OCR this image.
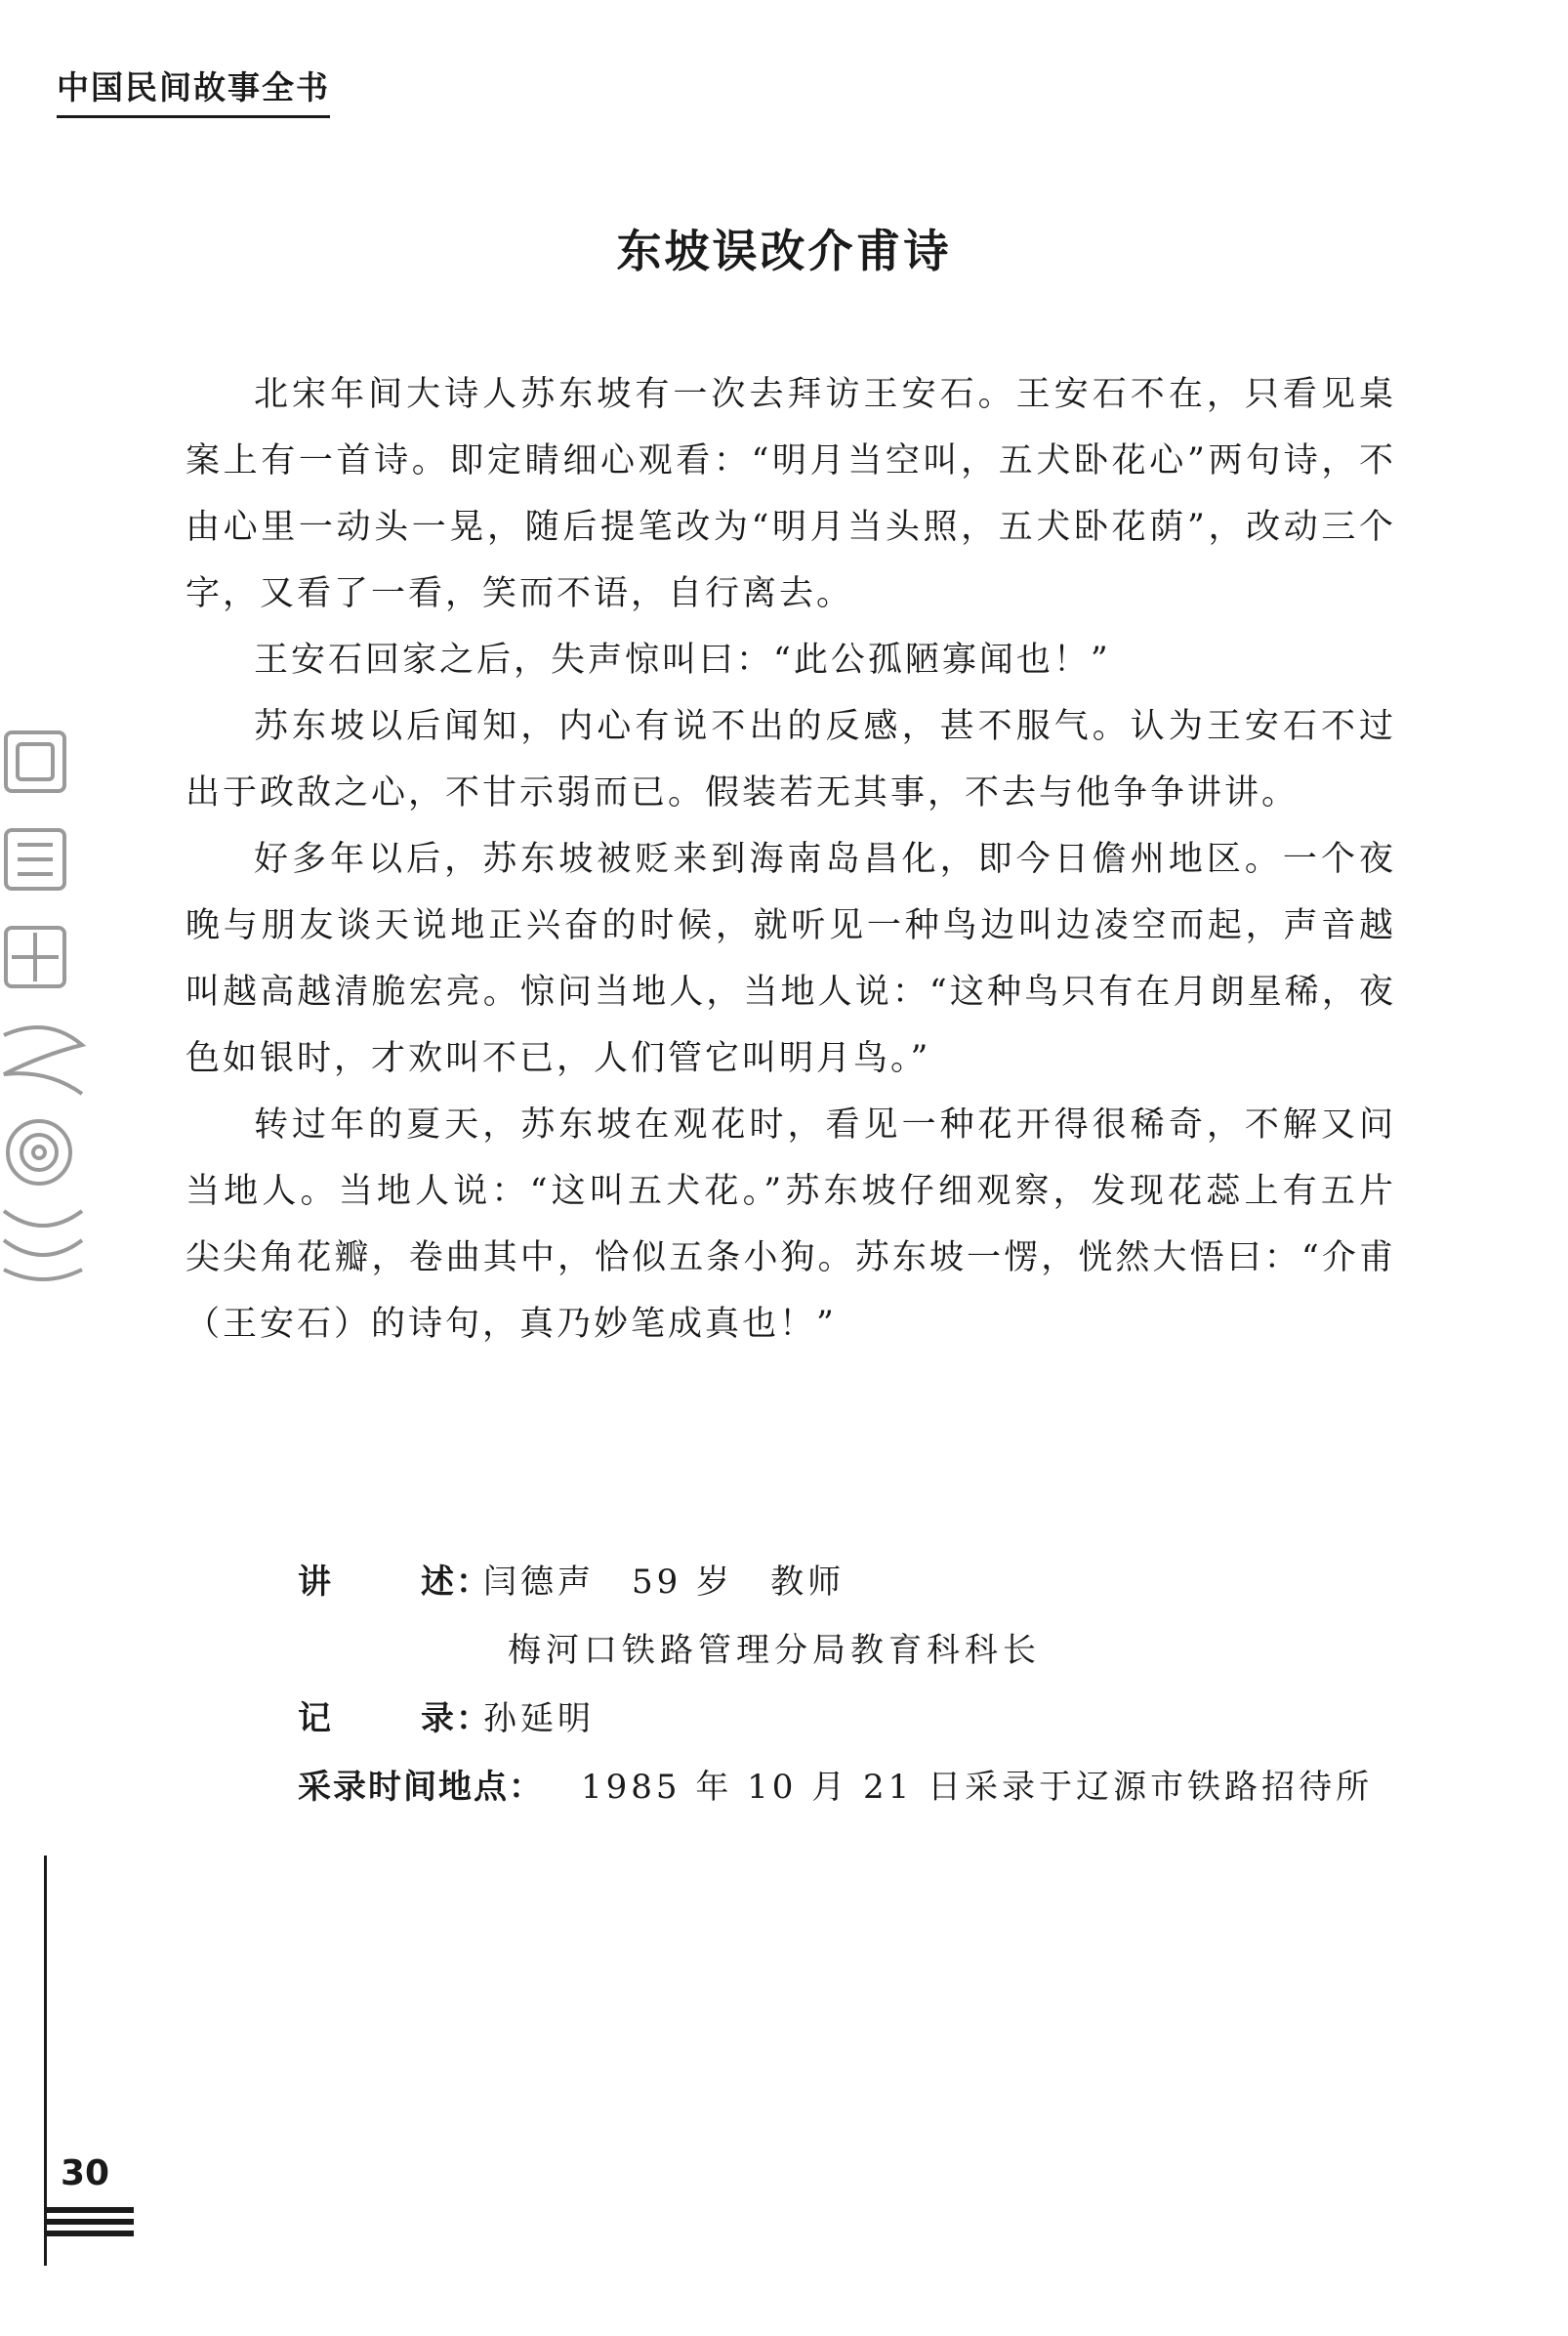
中国民间故事全书
东坡误改介甫诗

北宋年间大诗人苏东坡有一次去拜访王安石。王安石不在，只看见桌案上有一首诗。即定睛细心观看：“明月当空叫，五犬卧花心”两句诗，不由心里一动头一晃，随后提笔改为“明月当头照，五犬卧花荫”，改动三个字，又看了一看，笑而不语，自行离去。

王安石回家之后，失声惊叫曰：“此公孤陋寡闻也！”

苏东坡以后闻知，内心有说不出的反感，甚不服气。认为王安石不过出于政敌之心，不甘示弱而已。假装若无其事，不去与他争争讲讲。

好多年以后，苏东坡被贬来到海南岛昌化，即今日儋州地区。一个夜晚与朋友谈天说地正兴奋的时候，就听见一种鸟边叫边凌空而起，声音越叫越高越清脆宏亮。惊问当地人，当地人说：“这种鸟只有在月朗星稀，夜色如银时，才欢叫不已，人们管它叫明月鸟。”

转过年的夏天，苏东坡在观花时，看见一种花开得很稀奇，不解又问当地人。当地人说：“这叫五犬花。”苏东坡仔细观察，发现花蕊上有五片尖尖角花瓣，卷曲其中，恰似五条小狗。苏东坡一愣，恍然大悟曰：“介甫（王安石）的诗句，真乃妙笔成真也！”

讲	述：
闫德声　59 岁　教师
梅河口铁路管理分局教育科科长
记	录：
孙延明
采录时间地点：	1985 年 10 月 21 日采录于辽源市铁路招待所
30
